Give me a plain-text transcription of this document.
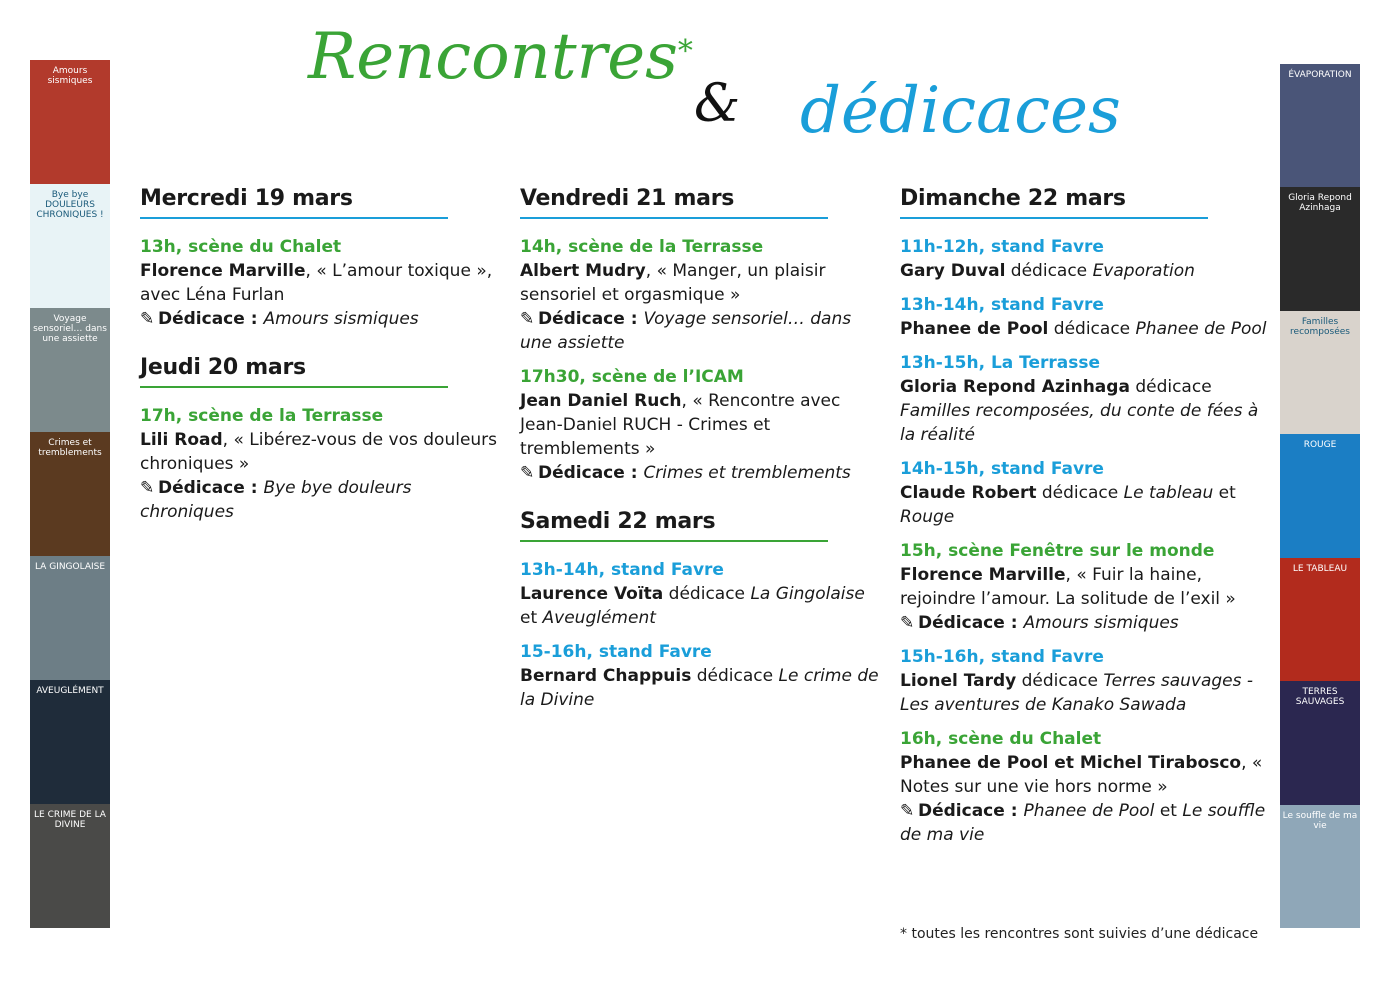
Rencontres*
& dédicaces
Amours sismiques
Bye bye DOULEURS CHRONIQUES !
Voyage sensoriel… dans une assiette
Crimes et tremblements
LA GINGOLAISE
AVEUGLÉMENT
LE CRIME DE LA DIVINE
ÉVAPORATION
Gloria Repond Azinhaga
Familles recomposées
ROUGE
LE TABLEAU
TERRES SAUVAGES
Le souffle de ma vie
Mercredi 19 mars
13h, scène du Chalet
Florence Marville, « L’amour toxique », avec Léna Furlan
✎ Dédicace : Amours sismiques
Jeudi 20 mars
17h, scène de la Terrasse
Lili Road, « Libérez-vous de vos douleurs chroniques »
✎ Dédicace : Bye bye douleurs chroniques
Vendredi 21 mars
14h, scène de la Terrasse
Albert Mudry, « Manger, un plaisir sensoriel et orgasmique »
✎ Dédicace : Voyage sensoriel… dans une assiette
17h30, scène de l’ICAM
Jean Daniel Ruch, « Rencontre avec Jean-Daniel RUCH - Crimes et tremblements »
✎ Dédicace : Crimes et tremblements
Samedi 22 mars
13h-14h, stand Favre
Laurence Voïta dédicace La Gingolaise et Aveuglément
15-16h, stand Favre
Bernard Chappuis dédicace Le crime de la Divine
Dimanche 22 mars
11h-12h, stand Favre
Gary Duval dédicace Evaporation
13h-14h, stand Favre
Phanee de Pool dédicace Phanee de Pool
13h-15h, La Terrasse
Gloria Repond Azinhaga dédicace Familles recomposées, du conte de fées à la réalité
14h-15h, stand Favre
Claude Robert dédicace Le tableau et Rouge
15h, scène Fenêtre sur le monde
Florence Marville, « Fuir la haine, rejoindre l’amour. La solitude de l’exil »
✎ Dédicace : Amours sismiques
15h-16h, stand Favre
Lionel Tardy dédicace Terres sauvages - Les aventures de Kanako Sawada
16h, scène du Chalet
Phanee de Pool et Michel Tirabosco, « Notes sur une vie hors norme »
✎ Dédicace : Phanee de Pool et Le souffle de ma vie
* toutes les rencontres sont suivies d’une dédicace
